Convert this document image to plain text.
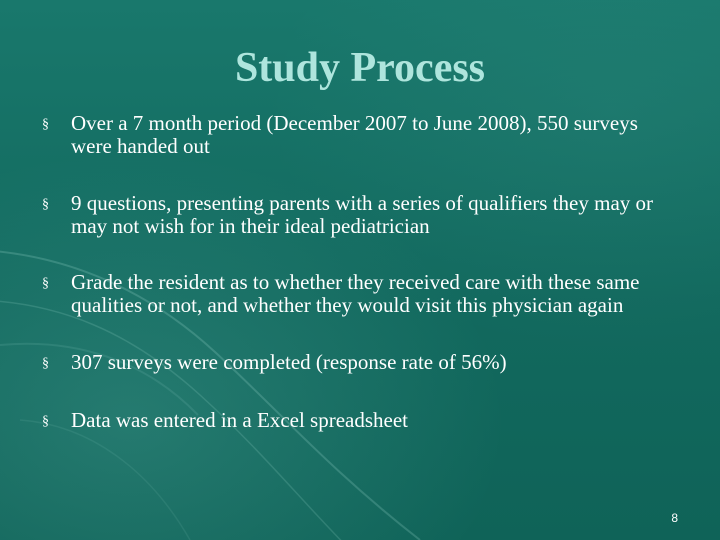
Study Process
§ Over a 7 month period (December 2007 to June 2008), 550 surveys were handed out
§ 9 questions, presenting parents with a series of qualifiers they may or may not wish for in their ideal pediatrician
§ Grade the resident as to whether they received care with these same qualities or not, and whether they would visit this physician again
§ 307 surveys were completed (response rate of 56%)
§ Data was entered in a Excel spreadsheet
8
